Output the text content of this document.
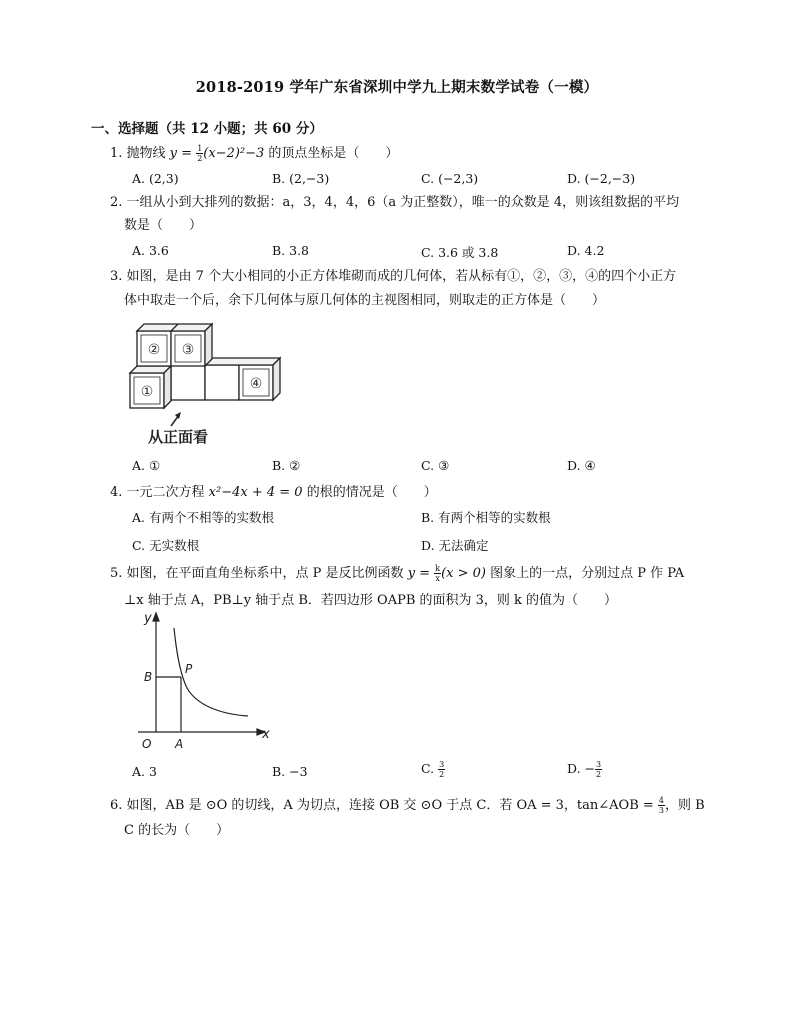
2018-2019 学年广东省深圳中学九上期末数学试卷（一模）
一、选择题（共 12 小题；共 60 分）
1. 抛物线 $y = \frac{1}{2} (x-2)^2-3$ 的顶点坐标是（　　）
A. (2,3)	B. (2,−3)	C. (−2,3)	D. (−2,−3)
2. 一组从小到大排列的数据：a，3，4，4，6（a 为正整数），唯一的众数是 4，则该组数据的平均
数是（　　）
A. 3.6	B. 3.8	C. 3.6 或 3.8	D. 4.2
3. 如图，是由 7 个大小相同的小正方体堆砌而成的几何体，若从标有①，②，③，④的四个小正方
体中取走一个后，余下几何体与原几何体的主视图相同，则取走的正方体是（　　）
② ③
①	④
从正面看
A. ①	B. ②	C. ③	D. ④
4. 一元二次方程 x²−4x + 4 = 0 的根的情况是（　　）
A. 有两个不相等的实数根	B. 有两个相等的实数根
C. 无实数根	D. 无法确定
5. 如图，在平面直角坐标系中，点 P 是反比例函数 $y = \frac{k}{x} (x > 0)$ 图象上的一点，分别过点 P 作 PA
⊥x 轴于点 A，PB⊥y 轴于点 B．若四边形 OAPB 的面积为 3，则 k 的值为（　　）
y
x
B
P
O A
A. 3	B. −3	C. $\frac{3}{2}$	D. − $\frac{3}{2}$
6. 如图，AB 是 ⊙O 的切线，A 为切点，连接 OB 交 ⊙O 于点 C．若 OA = 3，tan∠AOB = $\frac{4}{3}$ ，则 B
C 的长为（　　）
